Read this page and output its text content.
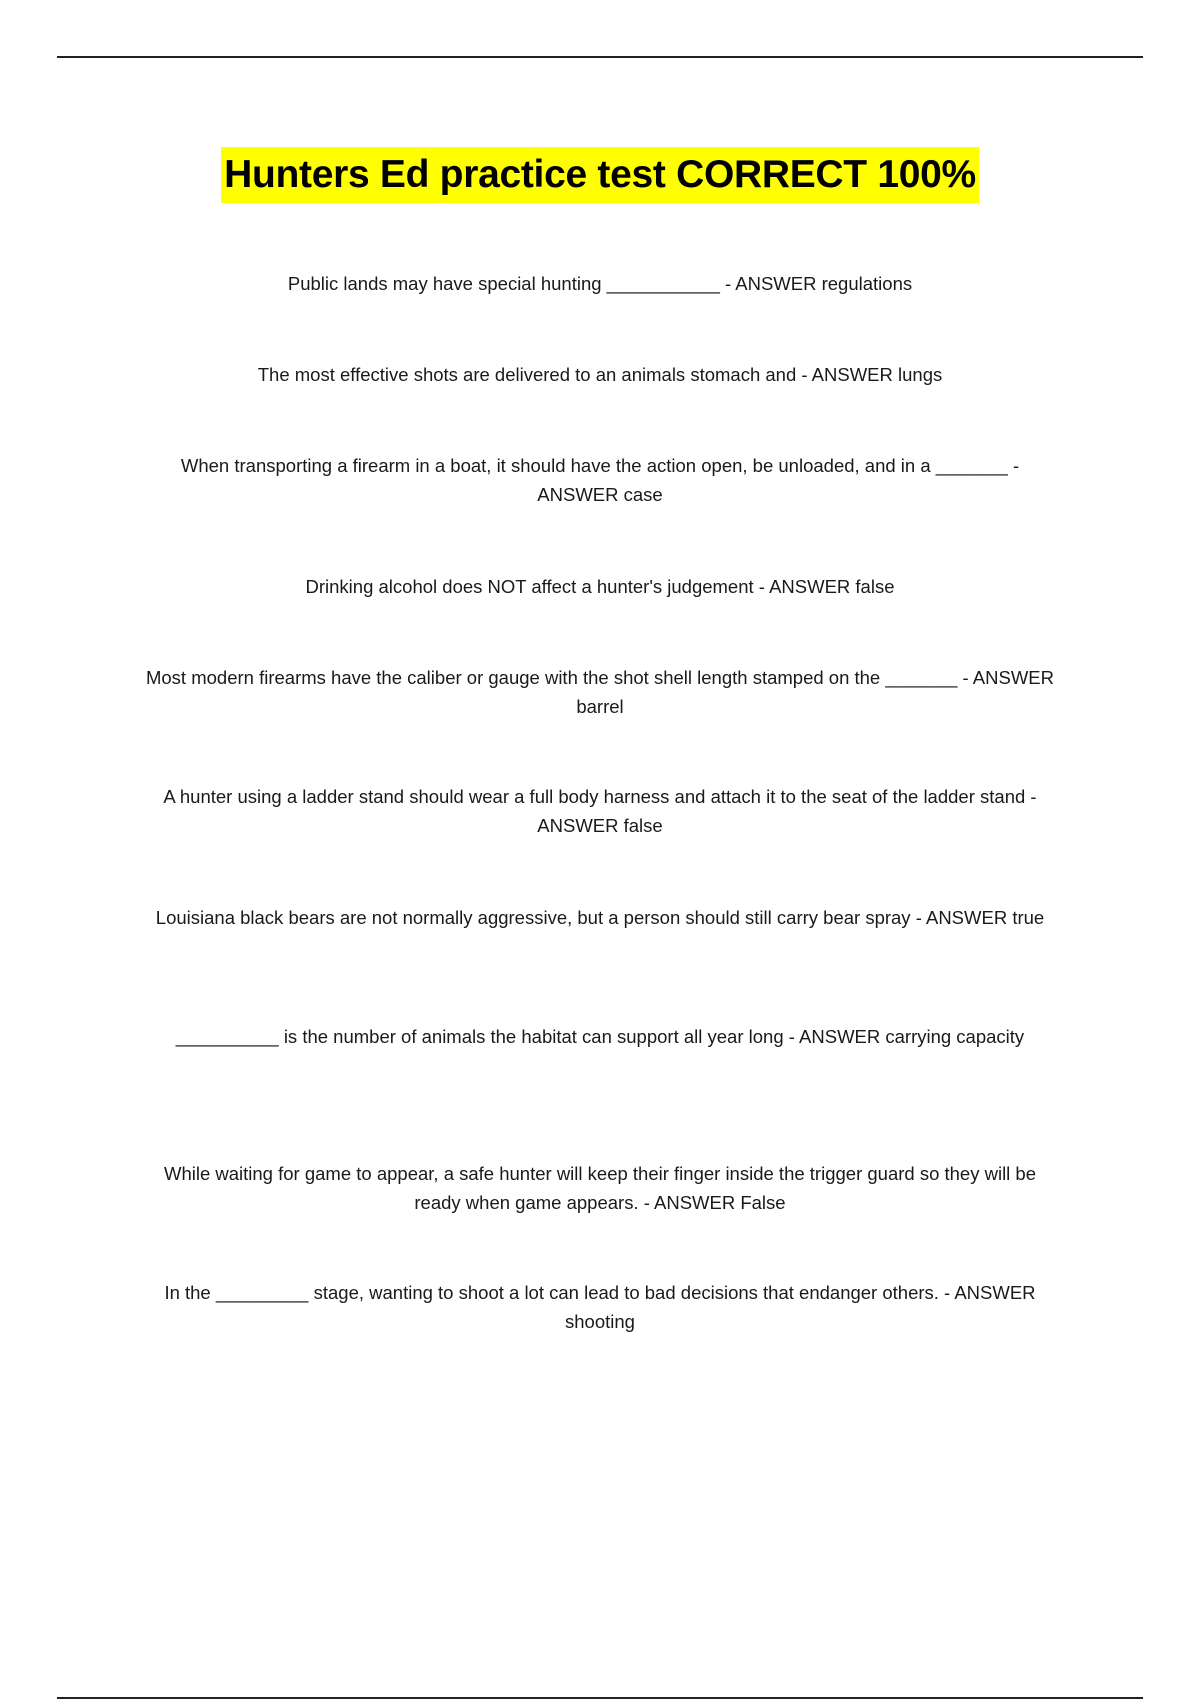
Hunters Ed practice test CORRECT 100%

Public lands may have special hunting ___________ - ANSWER regulations

The most effective shots are delivered to an animals stomach and - ANSWER lungs

When transporting a firearm in a boat, it should have the action open, be unloaded, and in a _______ - ANSWER case

Drinking alcohol does NOT affect a hunter's judgement - ANSWER false

Most modern firearms have the caliber or gauge with the shot shell length stamped on the _______ - ANSWER barrel

A hunter using a ladder stand should wear a full body harness and attach it to the seat of the ladder stand - ANSWER false

Louisiana black bears are not normally aggressive, but a person should still carry bear spray - ANSWER true

__________ is the number of animals the habitat can support all year long - ANSWER carrying capacity

While waiting for game to appear, a safe hunter will keep their finger inside the trigger guard so they will be ready when game appears. - ANSWER False

In the _________ stage, wanting to shoot a lot can lead to bad decisions that endanger others. - ANSWER shooting
